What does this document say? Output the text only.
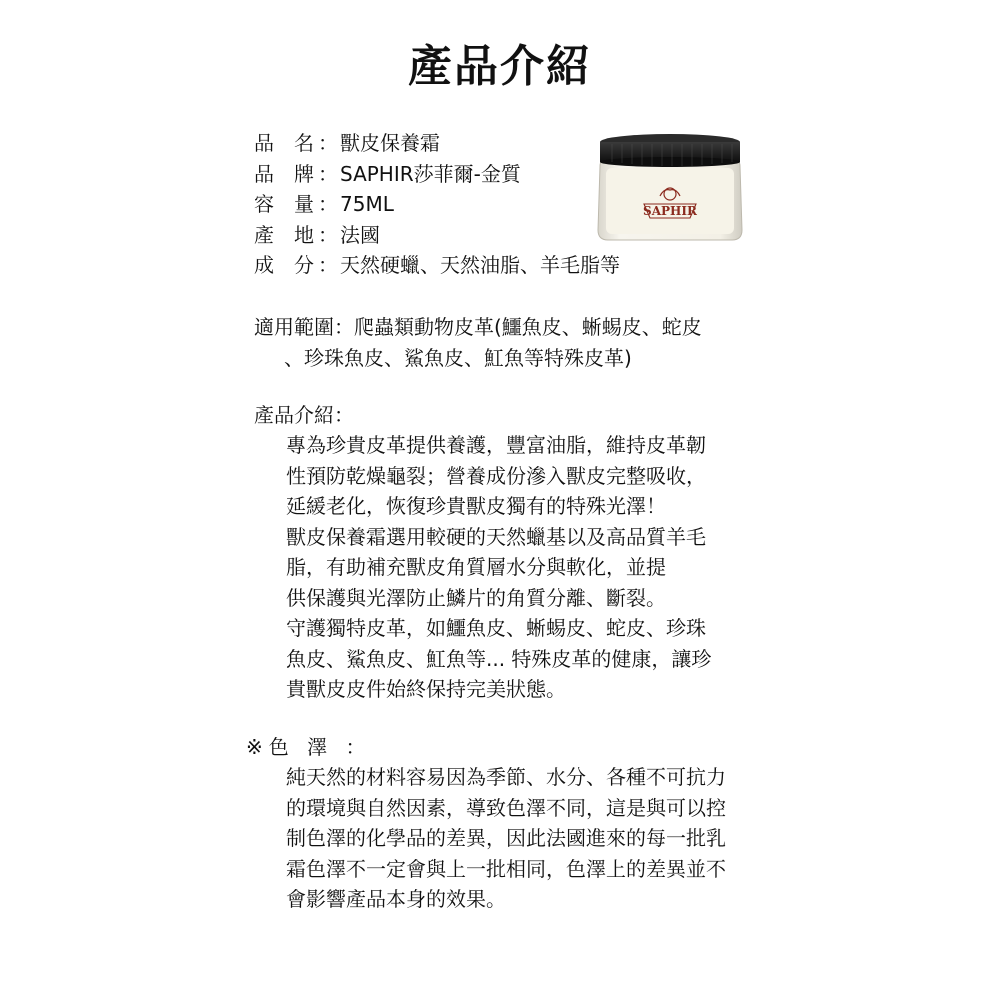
產品介紹
品 名 ： 獸皮保養霜
品 牌 ： SAPHIR莎菲爾-金質
容 量 ： 75ML
產 地 ： 法國
成 分 ： 天然硬蠟、天然油脂、羊毛脂等
SAPHIR
適用範圍：爬蟲類動物皮革(鱷魚皮、蜥蜴皮、蛇皮
、珍珠魚皮、鯊魚皮、魟魚等特殊皮革)
產品介紹：
專為珍貴皮革提供養護，豐富油脂，維持皮革韌
性預防乾燥龜裂；營養成份滲入獸皮完整吸收，
延緩老化，恢復珍貴獸皮獨有的特殊光澤！
獸皮保養霜選用較硬的天然蠟基以及高品質羊毛
脂，有助補充獸皮角質層水分與軟化，並提
供保護與光澤防止鱗片的角質分離、斷裂。
守護獨特皮革，如鱷魚皮、蜥蜴皮、蛇皮、珍珠
魚皮、鯊魚皮、魟魚等... 特殊皮革的健康，讓珍
貴獸皮皮件始終保持完美狀態。
※色 澤 ：
純天然的材料容易因為季節、水分、各種不可抗力
的環境與自然因素，導致色澤不同，這是與可以控
制色澤的化學品的差異，因此法國進來的每一批乳
霜色澤不一定會與上一批相同，色澤上的差異並不
會影響產品本身的效果。
